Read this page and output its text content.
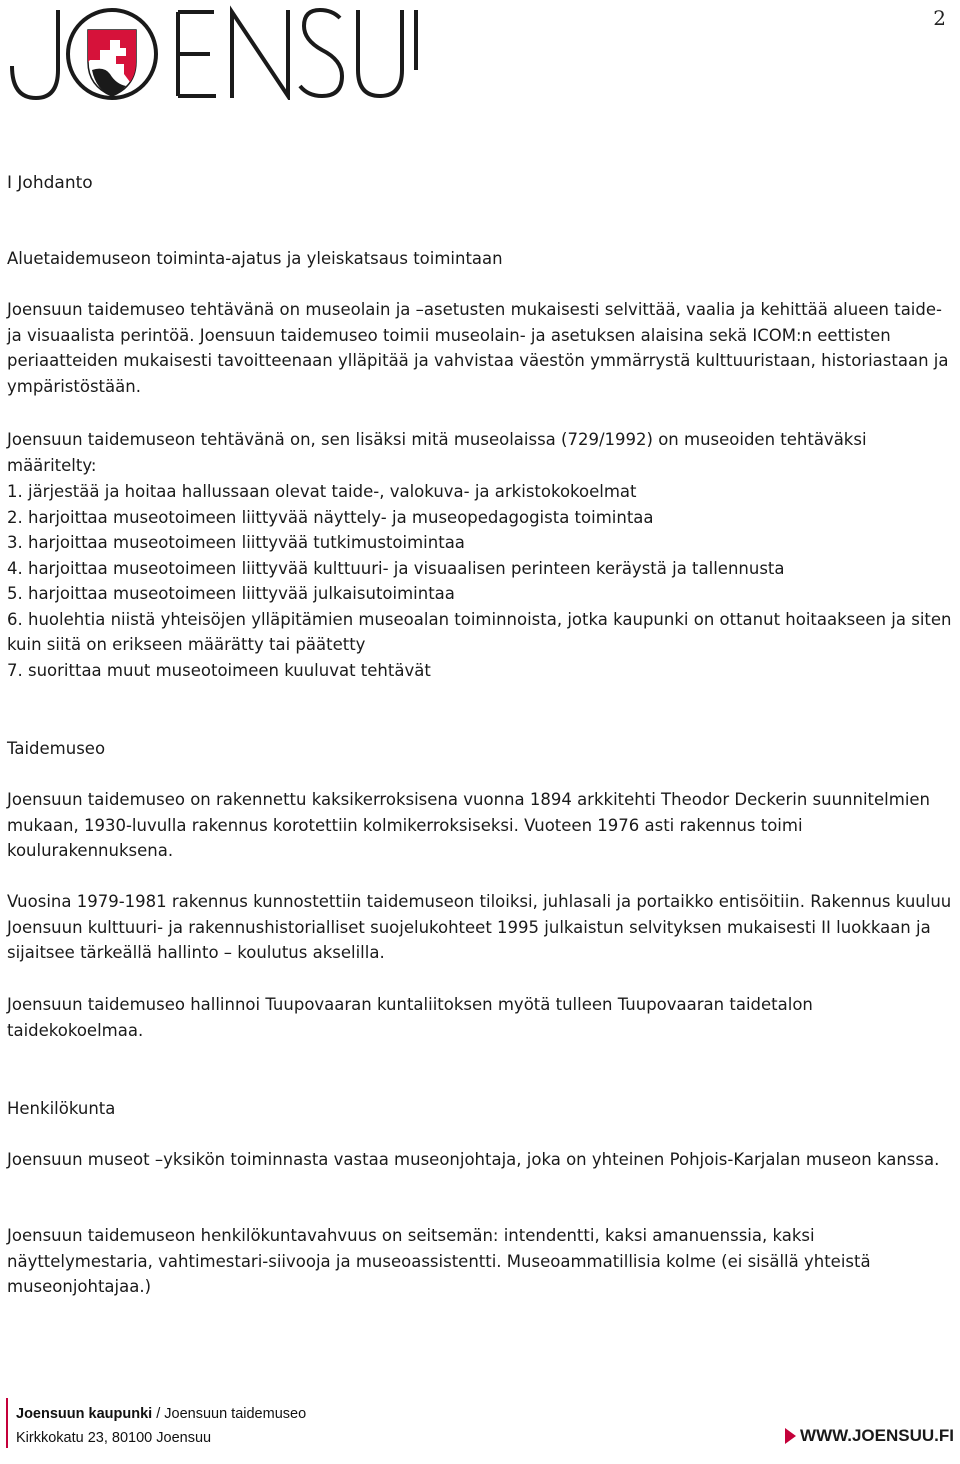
2
I Johdanto
Aluetaidemuseon toiminta-ajatus ja yleiskatsaus toimintaan

Joensuun taidemuseo tehtävänä on museolain ja –asetusten mukaisesti selvittää, vaalia ja kehittää alueen taide- ja visuaalista perintöä. Joensuun taidemuseo toimii museolain- ja asetuksen alaisina sekä ICOM:n eettisten periaatteiden mukaisesti tavoitteenaan ylläpitää ja vahvistaa väestön ymmärrystä kulttuuristaan, historiastaan ja ympäristöstään.

Joensuun taidemuseon tehtävänä on, sen lisäksi mitä museolaissa (729/1992) on museoiden tehtäväksi määritelty:

1. järjestää ja hoitaa hallussaan olevat taide-, valokuva- ja arkistokokoelmat
2. harjoittaa museotoimeen liittyvää näyttely- ja museopedagogista toimintaa
3. harjoittaa museotoimeen liittyvää tutkimustoimintaa
4. harjoittaa museotoimeen liittyvää kulttuuri- ja visuaalisen perinteen keräystä ja tallennusta
5. harjoittaa museotoimeen liittyvää julkaisutoimintaa
6. huolehtia niistä yhteisöjen ylläpitämien museoalan toiminnoista, jotka kaupunki on ottanut hoitaakseen ja siten kuin siitä on erikseen määrätty tai päätetty
7. suorittaa muut museotoimeen kuuluvat tehtävät
Taidemuseo

Joensuun taidemuseo on rakennettu kaksikerroksisena vuonna 1894 arkkitehti Theodor Deckerin suunnitelmien mukaan, 1930-luvulla rakennus korotettiin kolmikerroksiseksi. Vuoteen 1976 asti rakennus toimi koulurakennuksena.

Vuosina 1979-1981 rakennus kunnostettiin taidemuseon tiloiksi, juhlasali ja portaikko entisöitiin. Rakennus kuuluu Joensuun kulttuuri- ja rakennushistorialliset suojelukohteet 1995 julkaistun selvityksen mukaisesti II luokkaan ja sijaitsee tärkeällä hallinto – koulutus akselilla.

Joensuun taidemuseo hallinnoi Tuupovaaran kuntaliitoksen myötä tulleen Tuupovaaran taidetalon taidekokoelmaa.

Henkilökunta

Joensuun museot –yksikön toiminnasta vastaa museonjohtaja, joka on yhteinen Pohjois-Karjalan museon kanssa.

Joensuun taidemuseon henkilökuntavahvuus on seitsemän: intendentti, kaksi amanuenssia, kaksi näyttelymestaria, vahtimestari-siivooja ja museoassistentti. Museoammatillisia kolme (ei sisällä yhteistä museonjohtajaa.)

Joensuun kaupunki / Joensuun taidemuseo
Kirkkokatu 23, 80100 Joensuu	WWW.JOENSUU.FI
